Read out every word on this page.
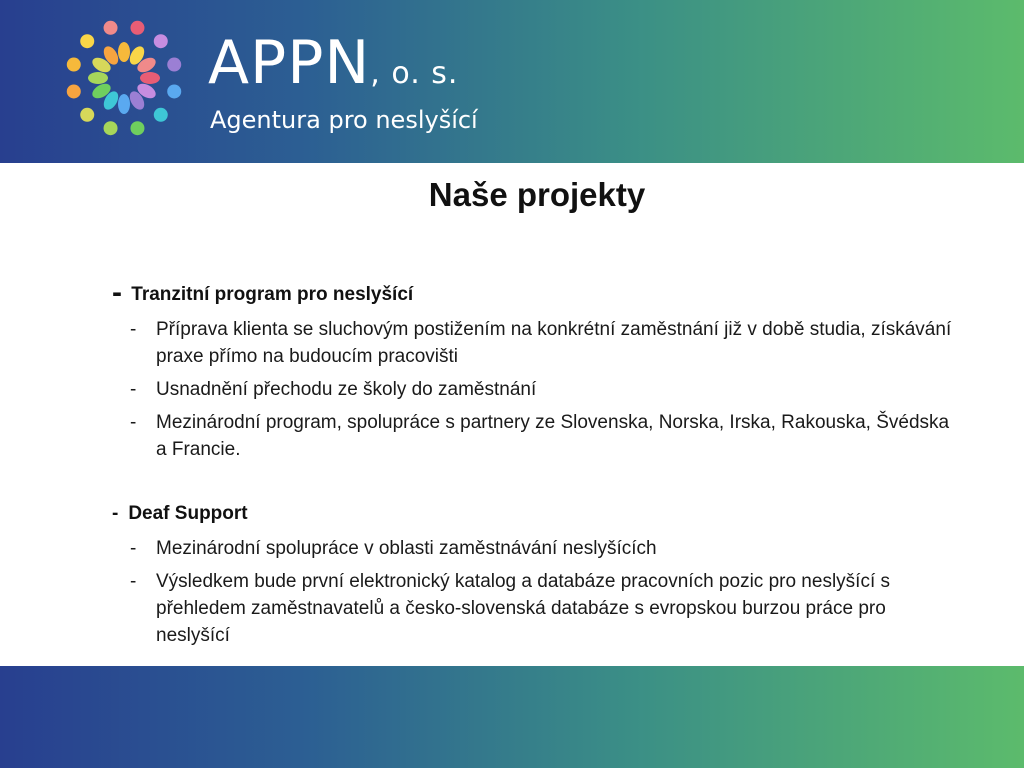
APPN, o. s.
Agentura pro neslyšící
Naše projekty
- Tranzitní program pro neslyšící
- Příprava klienta se sluchovým postižením na konkrétní zaměstnání již v době studia, získávání praxe přímo na budoucím pracovišti
- Usnadnění přechodu ze školy do zaměstnání
- Mezinárodní program, spolupráce s partnery ze Slovenska, Norska, Irska, Rakouska, Švédska a Francie.
- Deaf Support
- Mezinárodní spolupráce v oblasti zaměstnávání neslyšících
- Výsledkem bude první elektronický katalog a databáze pracovních pozic pro neslyšící s přehledem zaměstnavatelů a česko-slovenská databáze s evropskou burzou práce pro neslyšící
